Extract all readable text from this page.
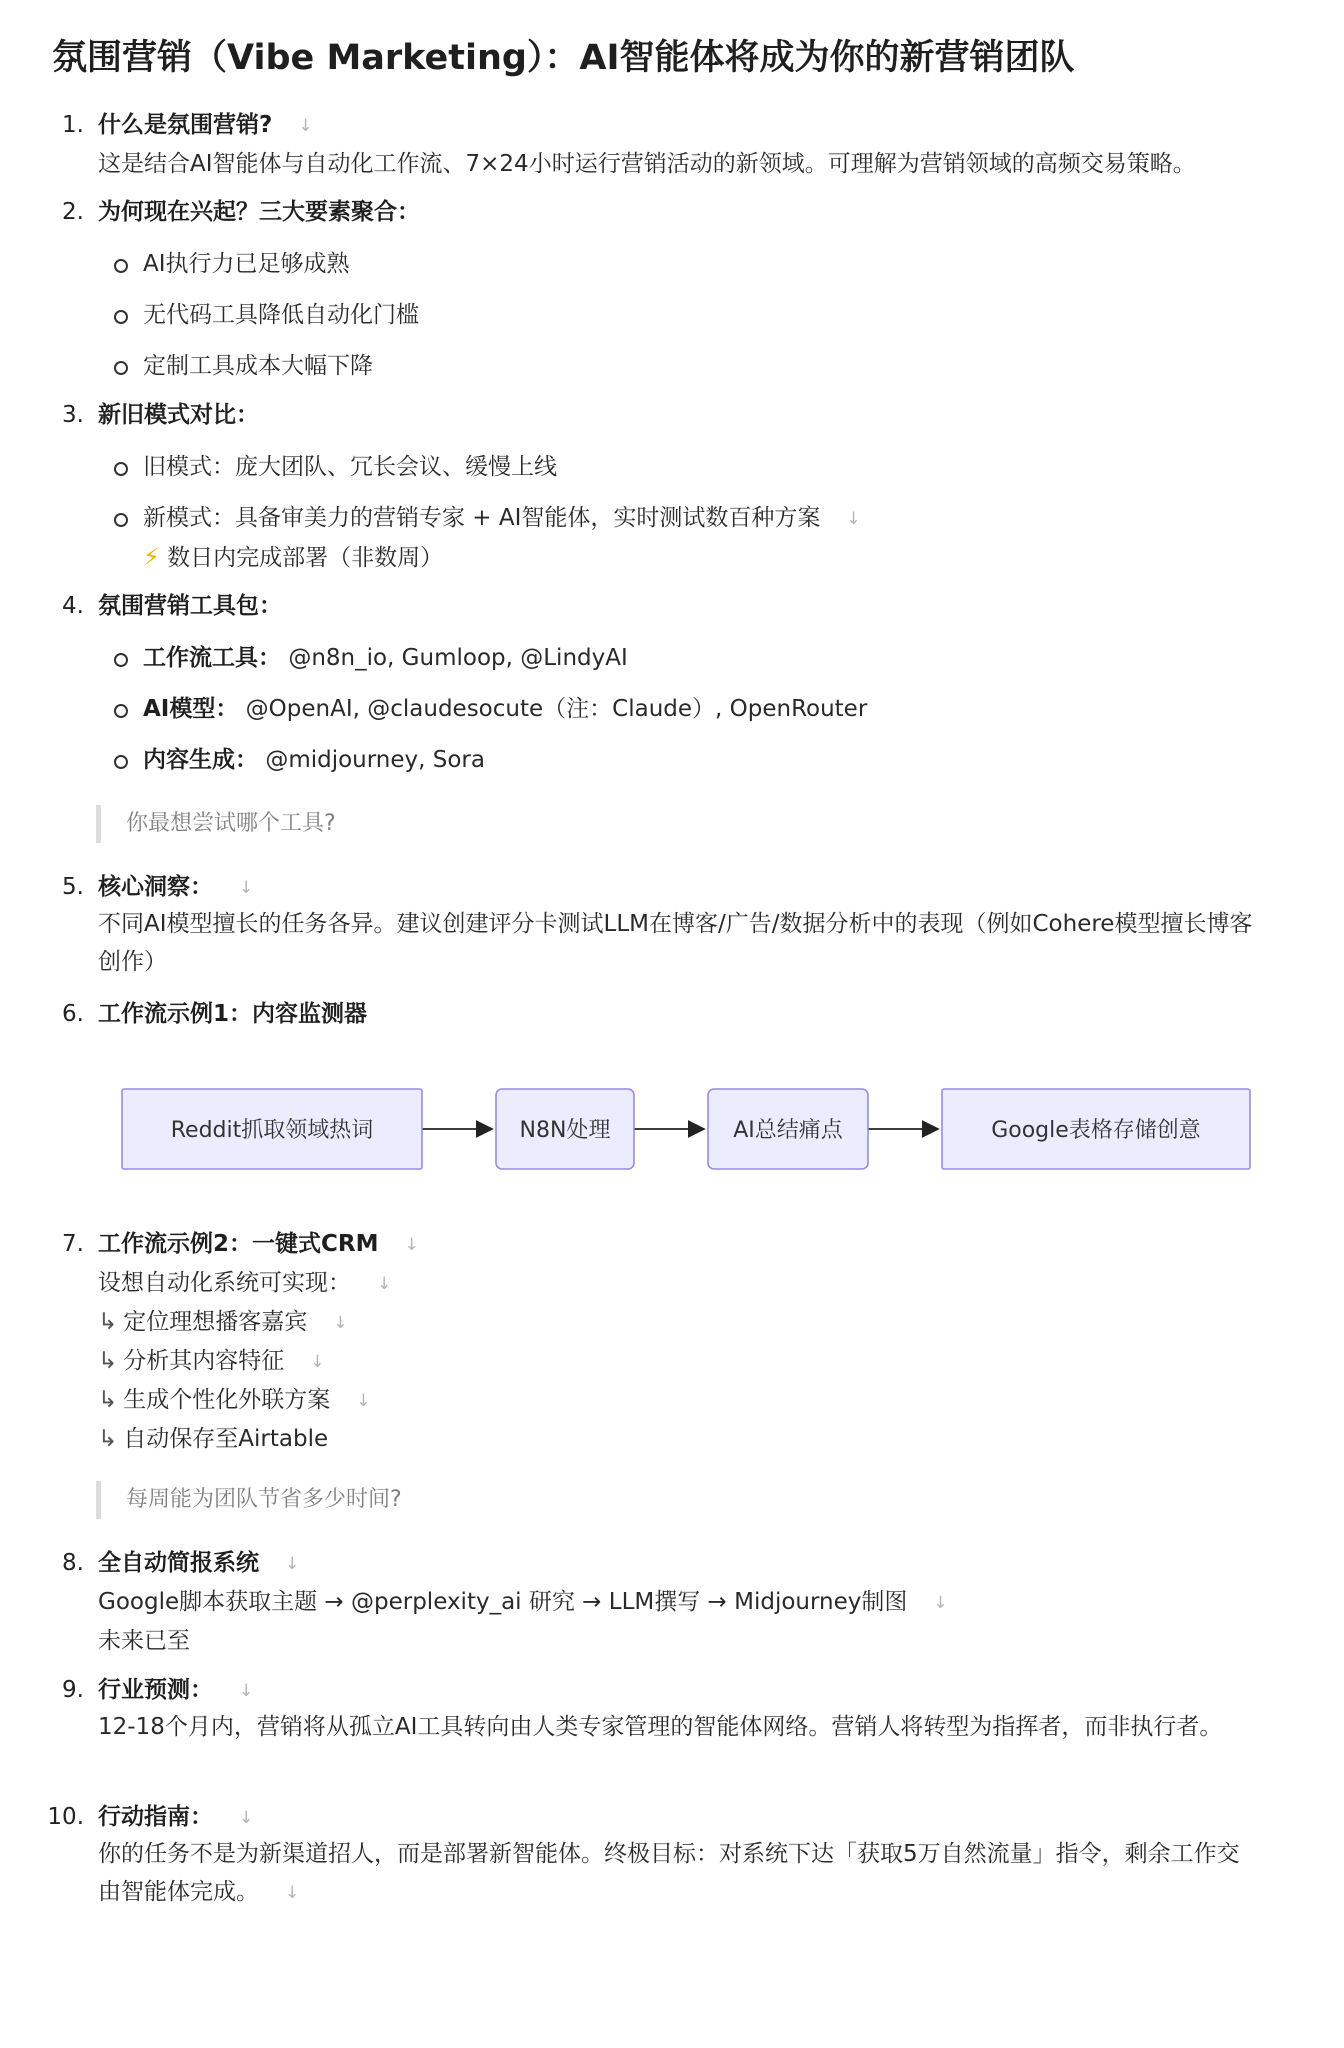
氛围营销（Vibe Marketing）：AI智能体将成为你的新营销团队
1. 什么是氛围营销? ↓
这是结合AI智能体与自动化工作流、7×24小时运行营销活动的新领域。可理解为营销领域的高频交易策略。
2. 为何现在兴起？三大要素聚合：
AI执行力已足够成熟
无代码工具降低自动化门槛
定制工具成本大幅下降
3. 新旧模式对比：
旧模式：庞大团队、冗长会议、缓慢上线
新模式：具备审美力的营销专家 + AI智能体，实时测试数百种方案 ↓
⚡ 数日内完成部署（非数周）
4. 氛围营销工具包：
工作流工具： @n8n_io, Gumloop, @LindyAI
AI模型： @OpenAI, @claudesocute（注：Claude）, OpenRouter
内容生成： @midjourney, Sora
你最想尝试哪个工具?
5. 核心洞察： ↓
不同AI模型擅长的任务各异。建议创建评分卡测试LLM在博客/广告/数据分析中的表现（例如Cohere模型擅长博客创作）
6. 工作流示例1：内容监测器
Reddit抓取领域热词	N8N处理	AI总结痛点	Google表格存储创意
7. 工作流示例2：一键式CRM ↓
设想自动化系统可实现： ↓
↳ 定位理想播客嘉宾 ↓
↳ 分析其内容特征 ↓
↳ 生成个性化外联方案 ↓
↳ 自动保存至Airtable
每周能为团队节省多少时间?
8. 全自动简报系统 ↓
Google脚本获取主题 → @perplexity_ai 研究 → LLM撰写 → Midjourney制图 ↓
未来已至
9. 行业预测： ↓
12-18个月内，营销将从孤立AI工具转向由人类专家管理的智能体网络。营销人将转型为指挥者，而非执行者。
10. 行动指南： ↓
你的任务不是为新渠道招人，而是部署新智能体。终极目标：对系统下达「获取5万自然流量」指令，剩余工作交由智能体完成。 ↓
